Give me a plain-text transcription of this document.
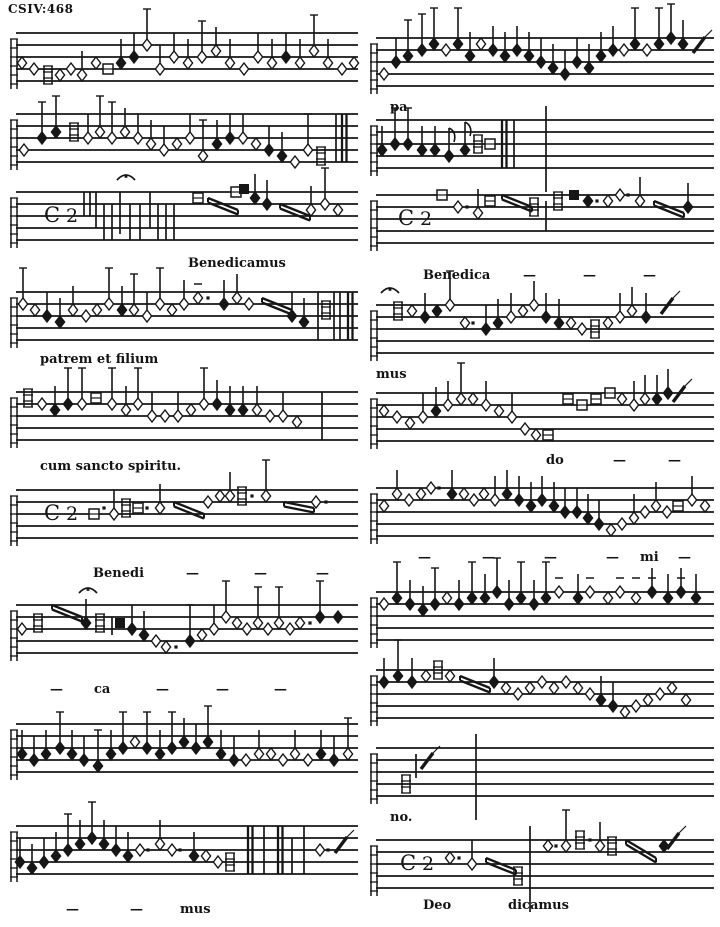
CSIV:468
C 2
Benedicamus
patrem et filium
cum sancto spiritu.
C 2
Benedi	—	—	—
— ca	—	—	—
—	—	mus
pa
C 2
Benedica	—	—	—
mus
do	—	—
—	—	—	— mi —
no.
C 2
Deo	dicamus
